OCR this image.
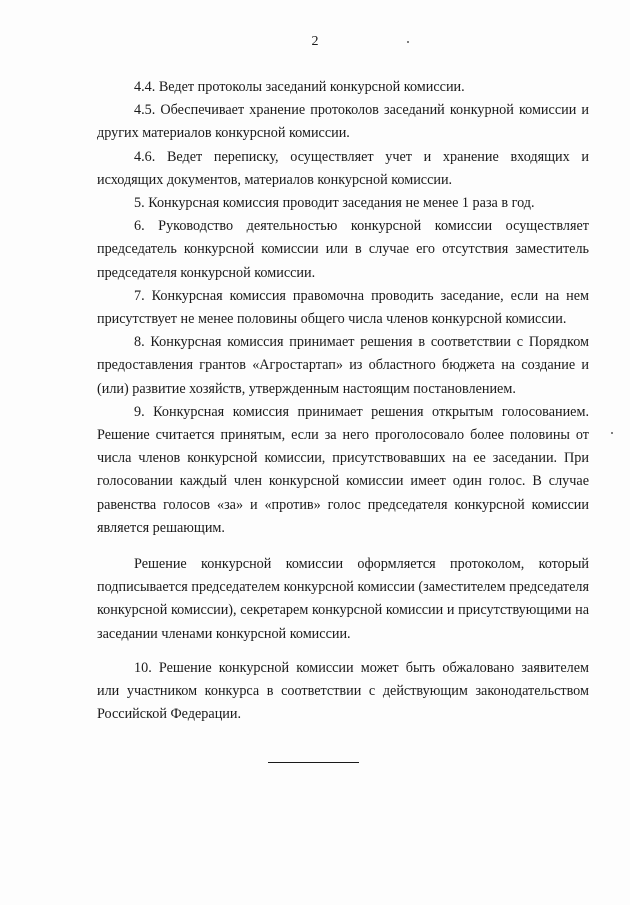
2

4.4. Ведет протоколы заседаний конкурсной комиссии.

4.5. Обеспечивает хранение протоколов заседаний конкурной комиссии и других материалов конкурсной комиссии.

4.6. Ведет переписку, осуществляет учет и хранение входящих и исходящих документов, материалов конкурсной комиссии.

5. Конкурсная комиссия проводит заседания не менее 1 раза в год.

6. Руководство деятельностью конкурсной комиссии осуществляет председатель конкурсной комиссии или в случае его отсутствия заместитель председателя конкурсной комиссии.

7. Конкурсная комиссия правомочна проводить заседание, если на нем присутствует не менее половины общего числа членов конкурсной комиссии.

8. Конкурсная комиссия принимает решения в соответствии с Порядком предоставления грантов «Агростартап» из областного бюджета на создание и (или) развитие хозяйств, утвержденным настоящим постановлением.

9. Конкурсная комиссия принимает решения открытым голосованием. Решение считается принятым, если за него проголосовало более половины от числа членов конкурсной комиссии, присутствовавших на ее заседании. При голосовании каждый член конкурсной комиссии имеет один голос. В случае равенства голосов «за» и «против» голос председателя конкурсной комиссии является решающим.

Решение конкурсной комиссии оформляется протоколом, который подписывается председателем конкурсной комиссии (заместителем председателя конкурсной комиссии), секретарем конкурсной комиссии и присутствующими на заседании членами конкурсной комиссии.

10. Решение конкурсной комиссии может быть обжаловано заявителем или участником конкурса в соответствии с действующим законодательством Российской Федерации.
